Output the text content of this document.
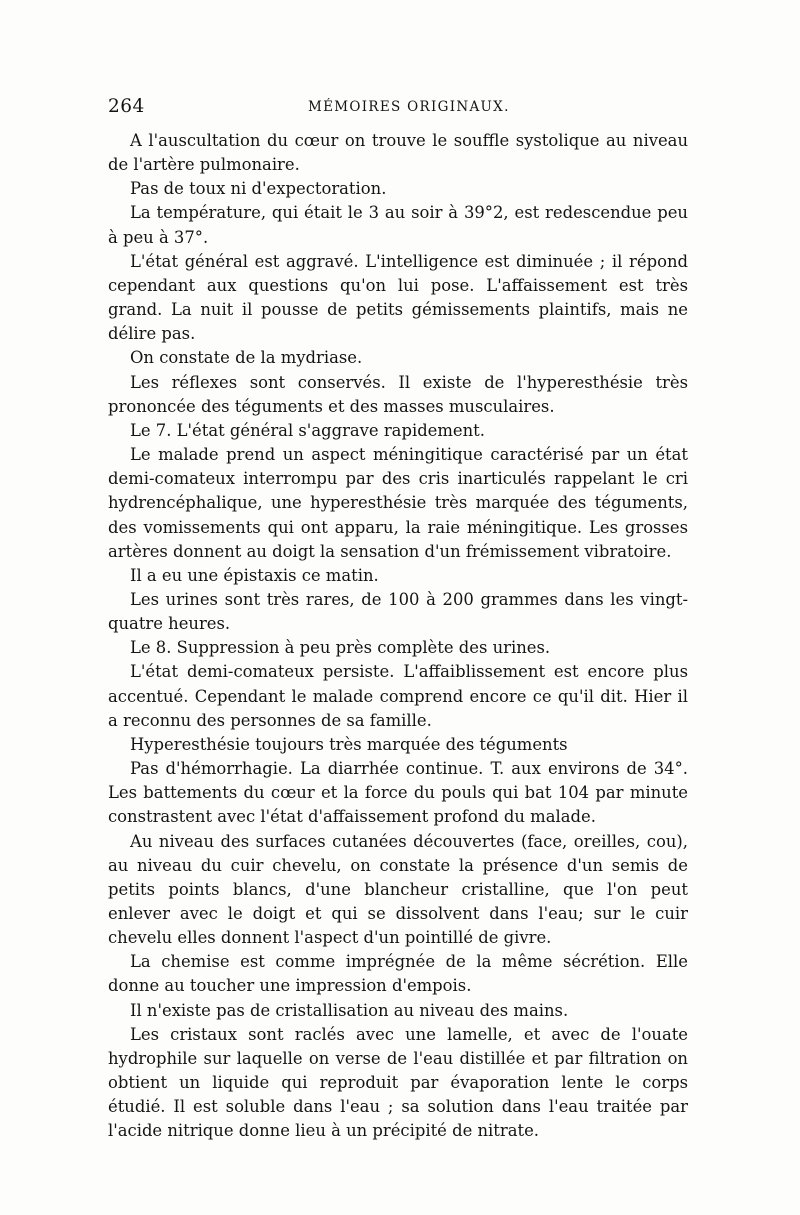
264	MÉMOIRES ORIGINAUX.

A l'auscultation du cœur on trouve le souffle systolique au niveau de l'artère pulmonaire.

Pas de toux ni d'expectoration.

La température, qui était le 3 au soir à 39°2, est redescendue peu à peu à 37°.

L'état général est aggravé. L'intelligence est diminuée ; il répond cependant aux questions qu'on lui pose. L'affaissement est très grand. La nuit il pousse de petits gémissements plaintifs, mais ne délire pas.

On constate de la mydriase.

Les réflexes sont conservés. Il existe de l'hyperesthésie très prononcée des téguments et des masses musculaires.

Le 7. L'état général s'aggrave rapidement.

Le malade prend un aspect méningitique caractérisé par un état demi-comateux interrompu par des cris inarticulés rappelant le cri hydrencéphalique, une hyperesthésie très marquée des téguments, des vomissements qui ont apparu, la raie méningitique. Les grosses artères donnent au doigt la sensation d'un frémissement vibratoire.

Il a eu une épistaxis ce matin.

Les urines sont très rares, de 100 à 200 grammes dans les vingt-quatre heures.

Le 8. Suppression à peu près complète des urines.

L'état demi-comateux persiste. L'affaiblissement est encore plus accentué. Cependant le malade comprend encore ce qu'il dit. Hier il a reconnu des personnes de sa famille.

Hyperesthésie toujours très marquée des téguments

Pas d'hémorrhagie. La diarrhée continue. T. aux environs de 34°. Les battements du cœur et la force du pouls qui bat 104 par minute constrastent avec l'état d'affaissement profond du malade.

Au niveau des surfaces cutanées découvertes (face, oreilles, cou), au niveau du cuir chevelu, on constate la présence d'un semis de petits points blancs, d'une blancheur cristalline, que l'on peut enlever avec le doigt et qui se dissolvent dans l'eau; sur le cuir chevelu elles donnent l'aspect d'un pointillé de givre.

La chemise est comme imprégnée de la même sécrétion. Elle donne au toucher une impression d'empois.

Il n'existe pas de cristallisation au niveau des mains.

Les cristaux sont raclés avec une lamelle, et avec de l'ouate hydrophile sur laquelle on verse de l'eau distillée et par filtration on obtient un liquide qui reproduit par évaporation lente le corps étudié. Il est soluble dans l'eau ; sa solution dans l'eau traitée par l'acide nitrique donne lieu à un précipité de nitrate.
